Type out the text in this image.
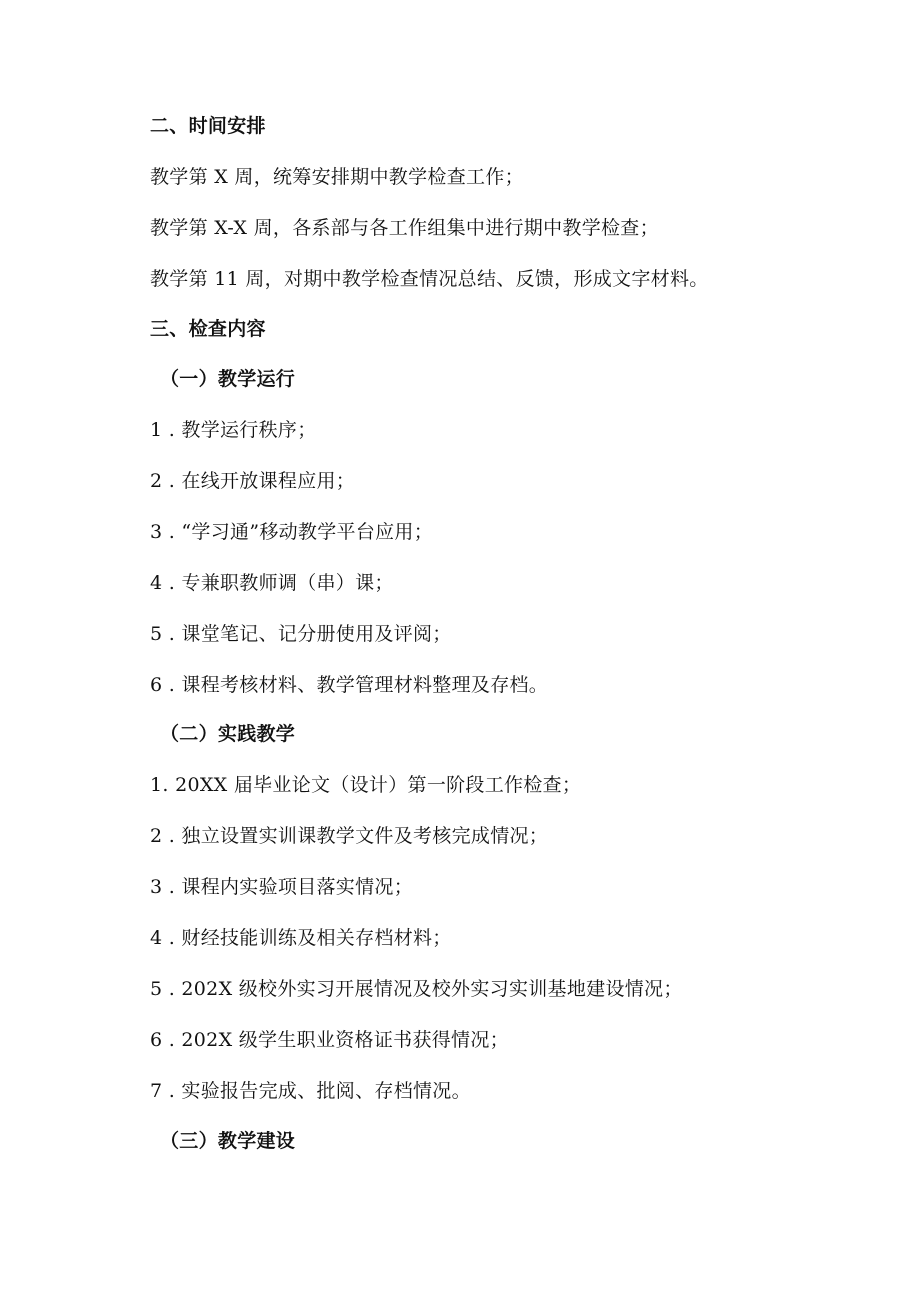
二、时间安排
教学第 X 周，统筹安排期中教学检查工作；
教学第 X-X 周，各系部与各工作组集中进行期中教学检查；
教学第 11 周，对期中教学检查情况总结、反馈，形成文字材料。
三、检查内容
（一）教学运行
1 . 教学运行秩序；
2 . 在线开放课程应用；
3 . “学习通”移动教学平台应用；
4 . 专兼职教师调（串）课；
5 . 课堂笔记、记分册使用及评阅；
6 . 课程考核材料、教学管理材料整理及存档。
（二）实践教学
1. 20XX 届毕业论文（设计）第一阶段工作检查；
2 . 独立设置实训课教学文件及考核完成情况；
3 . 课程内实验项目落实情况；
4 . 财经技能训练及相关存档材料；
5 . 202X 级校外实习开展情况及校外实习实训基地建设情况；
6 . 202X 级学生职业资格证书获得情况；
7 . 实验报告完成、批阅、存档情况。
（三）教学建设
